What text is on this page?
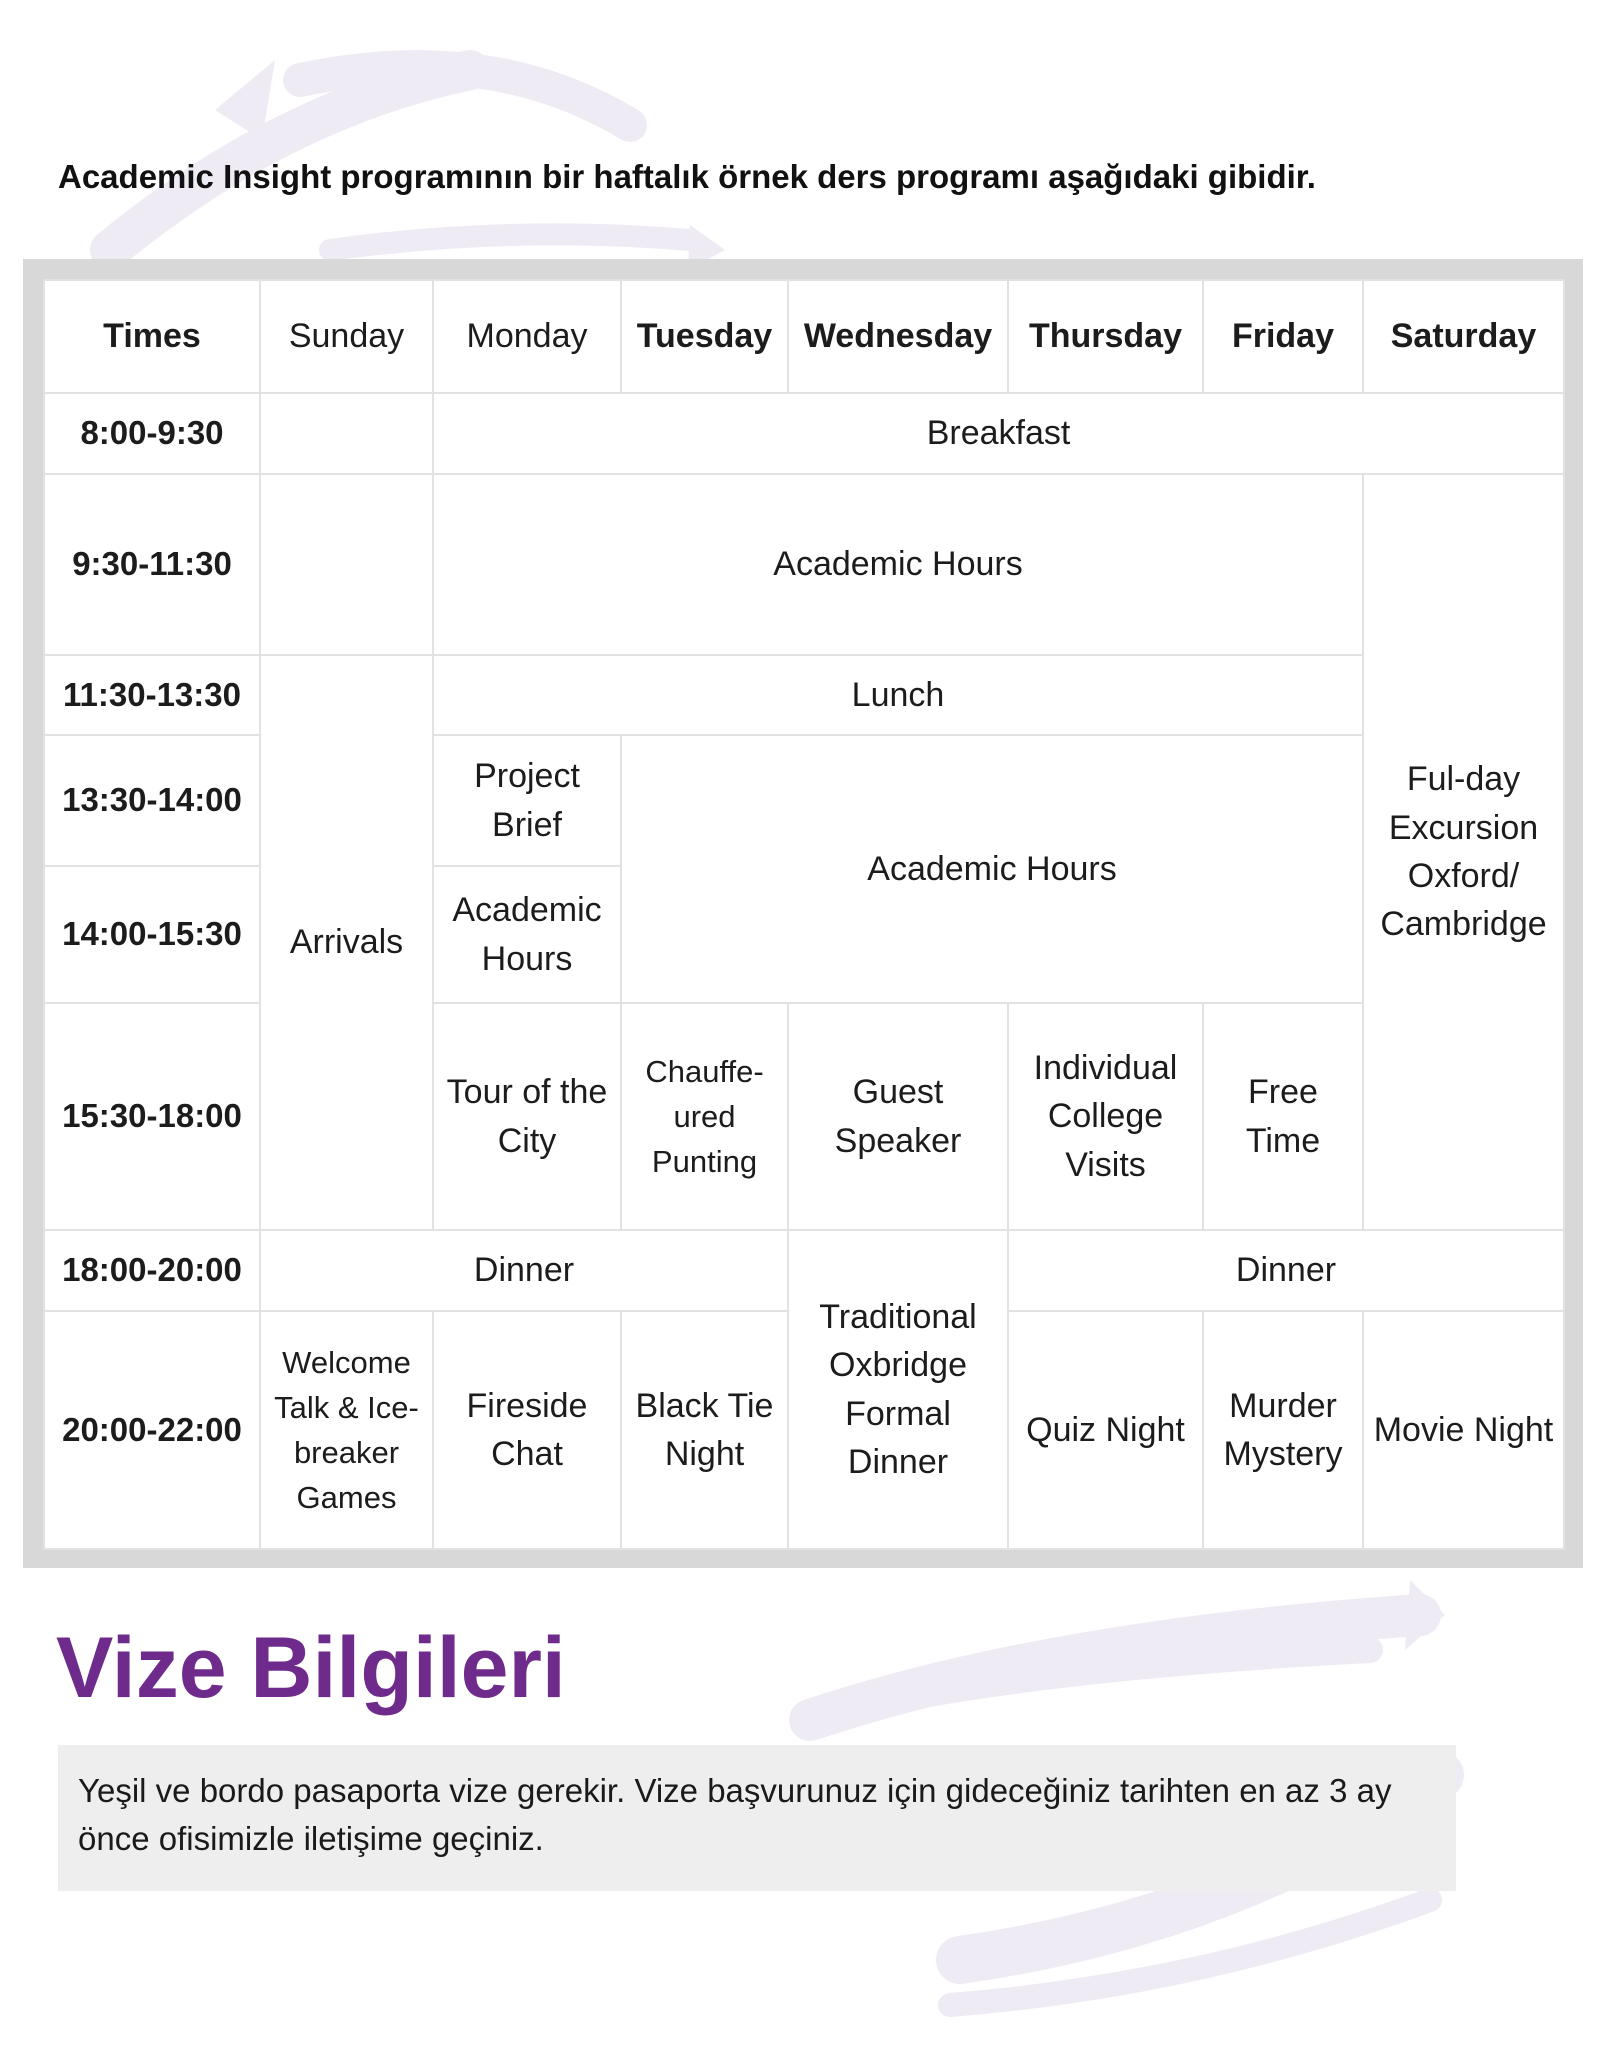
Academic Insight programının bir haftalık örnek ders programı aşağıdaki gibidir.

Times	Sunday	Monday	Tuesday	Wednesday	Thursday	Friday	Saturday
8:00-9:30		Breakfast					
9:30-11:30		Academic Hours					Ful-day Excursion Oxford/ Cambridge
11:30-13:30	Arrivals	Lunch					
13:30-14:00		Project Brief	Academic Hours				
14:00-15:30		Academic Hours					
15:30-18:00		Tour of the City	Chauffe- ured Punting	Guest Speaker	Individual College Visits	Free Time	
18:00-20:00	Dinner			Traditional Oxbridge Formal Dinner	Dinner		
20:00-22:00	Welcome Talk & Ice- breaker Games	Fireside Chat	Black Tie Night		Quiz Night	Murder Mystery	Movie Night
Vize Bilgileri

Yeşil ve bordo pasaporta vize gerekir. Vize başvurunuz için gideceğiniz tarihten en az 3 ay önce ofisimizle iletişime geçiniz.
